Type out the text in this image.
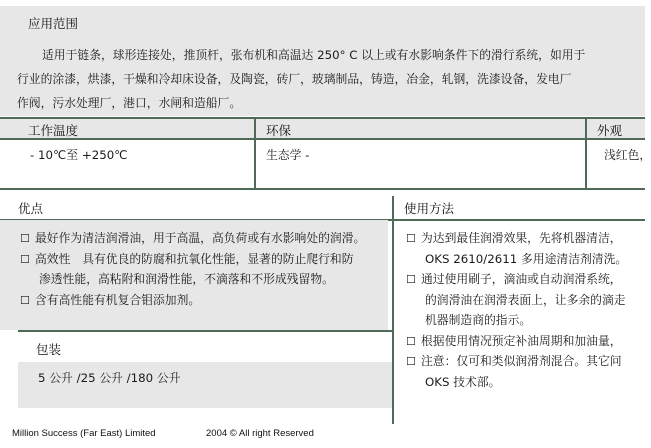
应用范围
适用于链条，球形连接处，推顶杆，张布机和高温达 250° C 以上或有水影响条件下的滑行系统，如用于
行业的涂漆，烘漆，干燥和冷却床设备，及陶瓷，砖厂，玻璃制品，铸造，冶金，轧钢，洗漆设备，发电厂
作阀，污水处理厂，港口，水闸和造船厂。
工作温度	环保	外观
- 10℃至 +250℃	生态学 -	浅红色，
优点	使用方法
☐ 最好作为清洁润滑油，用于高温，高负荷或有水影响处的润滑。
☐ 高效性　具有优良的防腐和抗氧化性能，显著的防止爬行和防
渗透性能，高粘附和润滑性能，不滴落和不形成残留物。
☐ 含有高性能有机复合钼添加剂。
包装
5 公升 /25 公升 /180 公升
☐ 为达到最佳润滑效果，先将机器清洁，
OKS 2610/2611 多用途清洁剂清洗。
☐ 通过使用刷子，滴油或自动润滑系统，
的润滑油在润滑表面上，让多余的滴走
机器制造商的指示。
☐ 根据使用情况预定补油周期和加油量，
☐ 注意：仅可和类似润滑剂混合。其它问
OKS 技术部。
Million Success (Far East) Limited	2004 © All right Reserved
